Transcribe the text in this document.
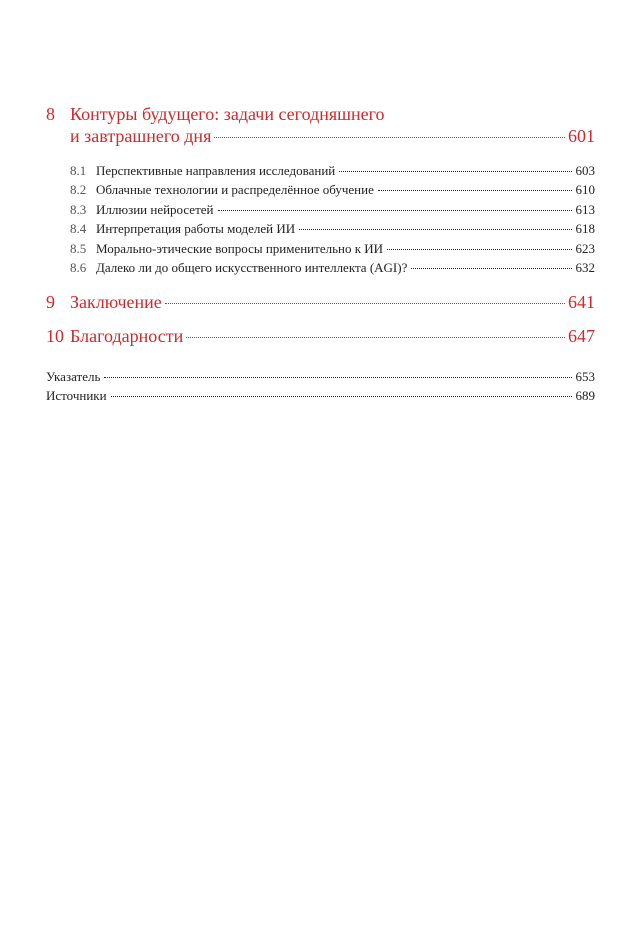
8 Контуры будущего: задачи сегодняшнего
и завтрашнего дня	601
8.1 Перспективные направления исследований	603
8.2 Облачные технологии и распределённое обучение	610
8.3 Иллюзии нейросетей	613
8.4 Интерпретация работы моделей ИИ	618
8.5 Морально-этические вопросы применительно к ИИ	623
8.6 Далеко ли до общего искусственного интеллекта (AGI)?	632
9 Заключение	641
10 Благодарности	647
Указатель	653
Источники	689
